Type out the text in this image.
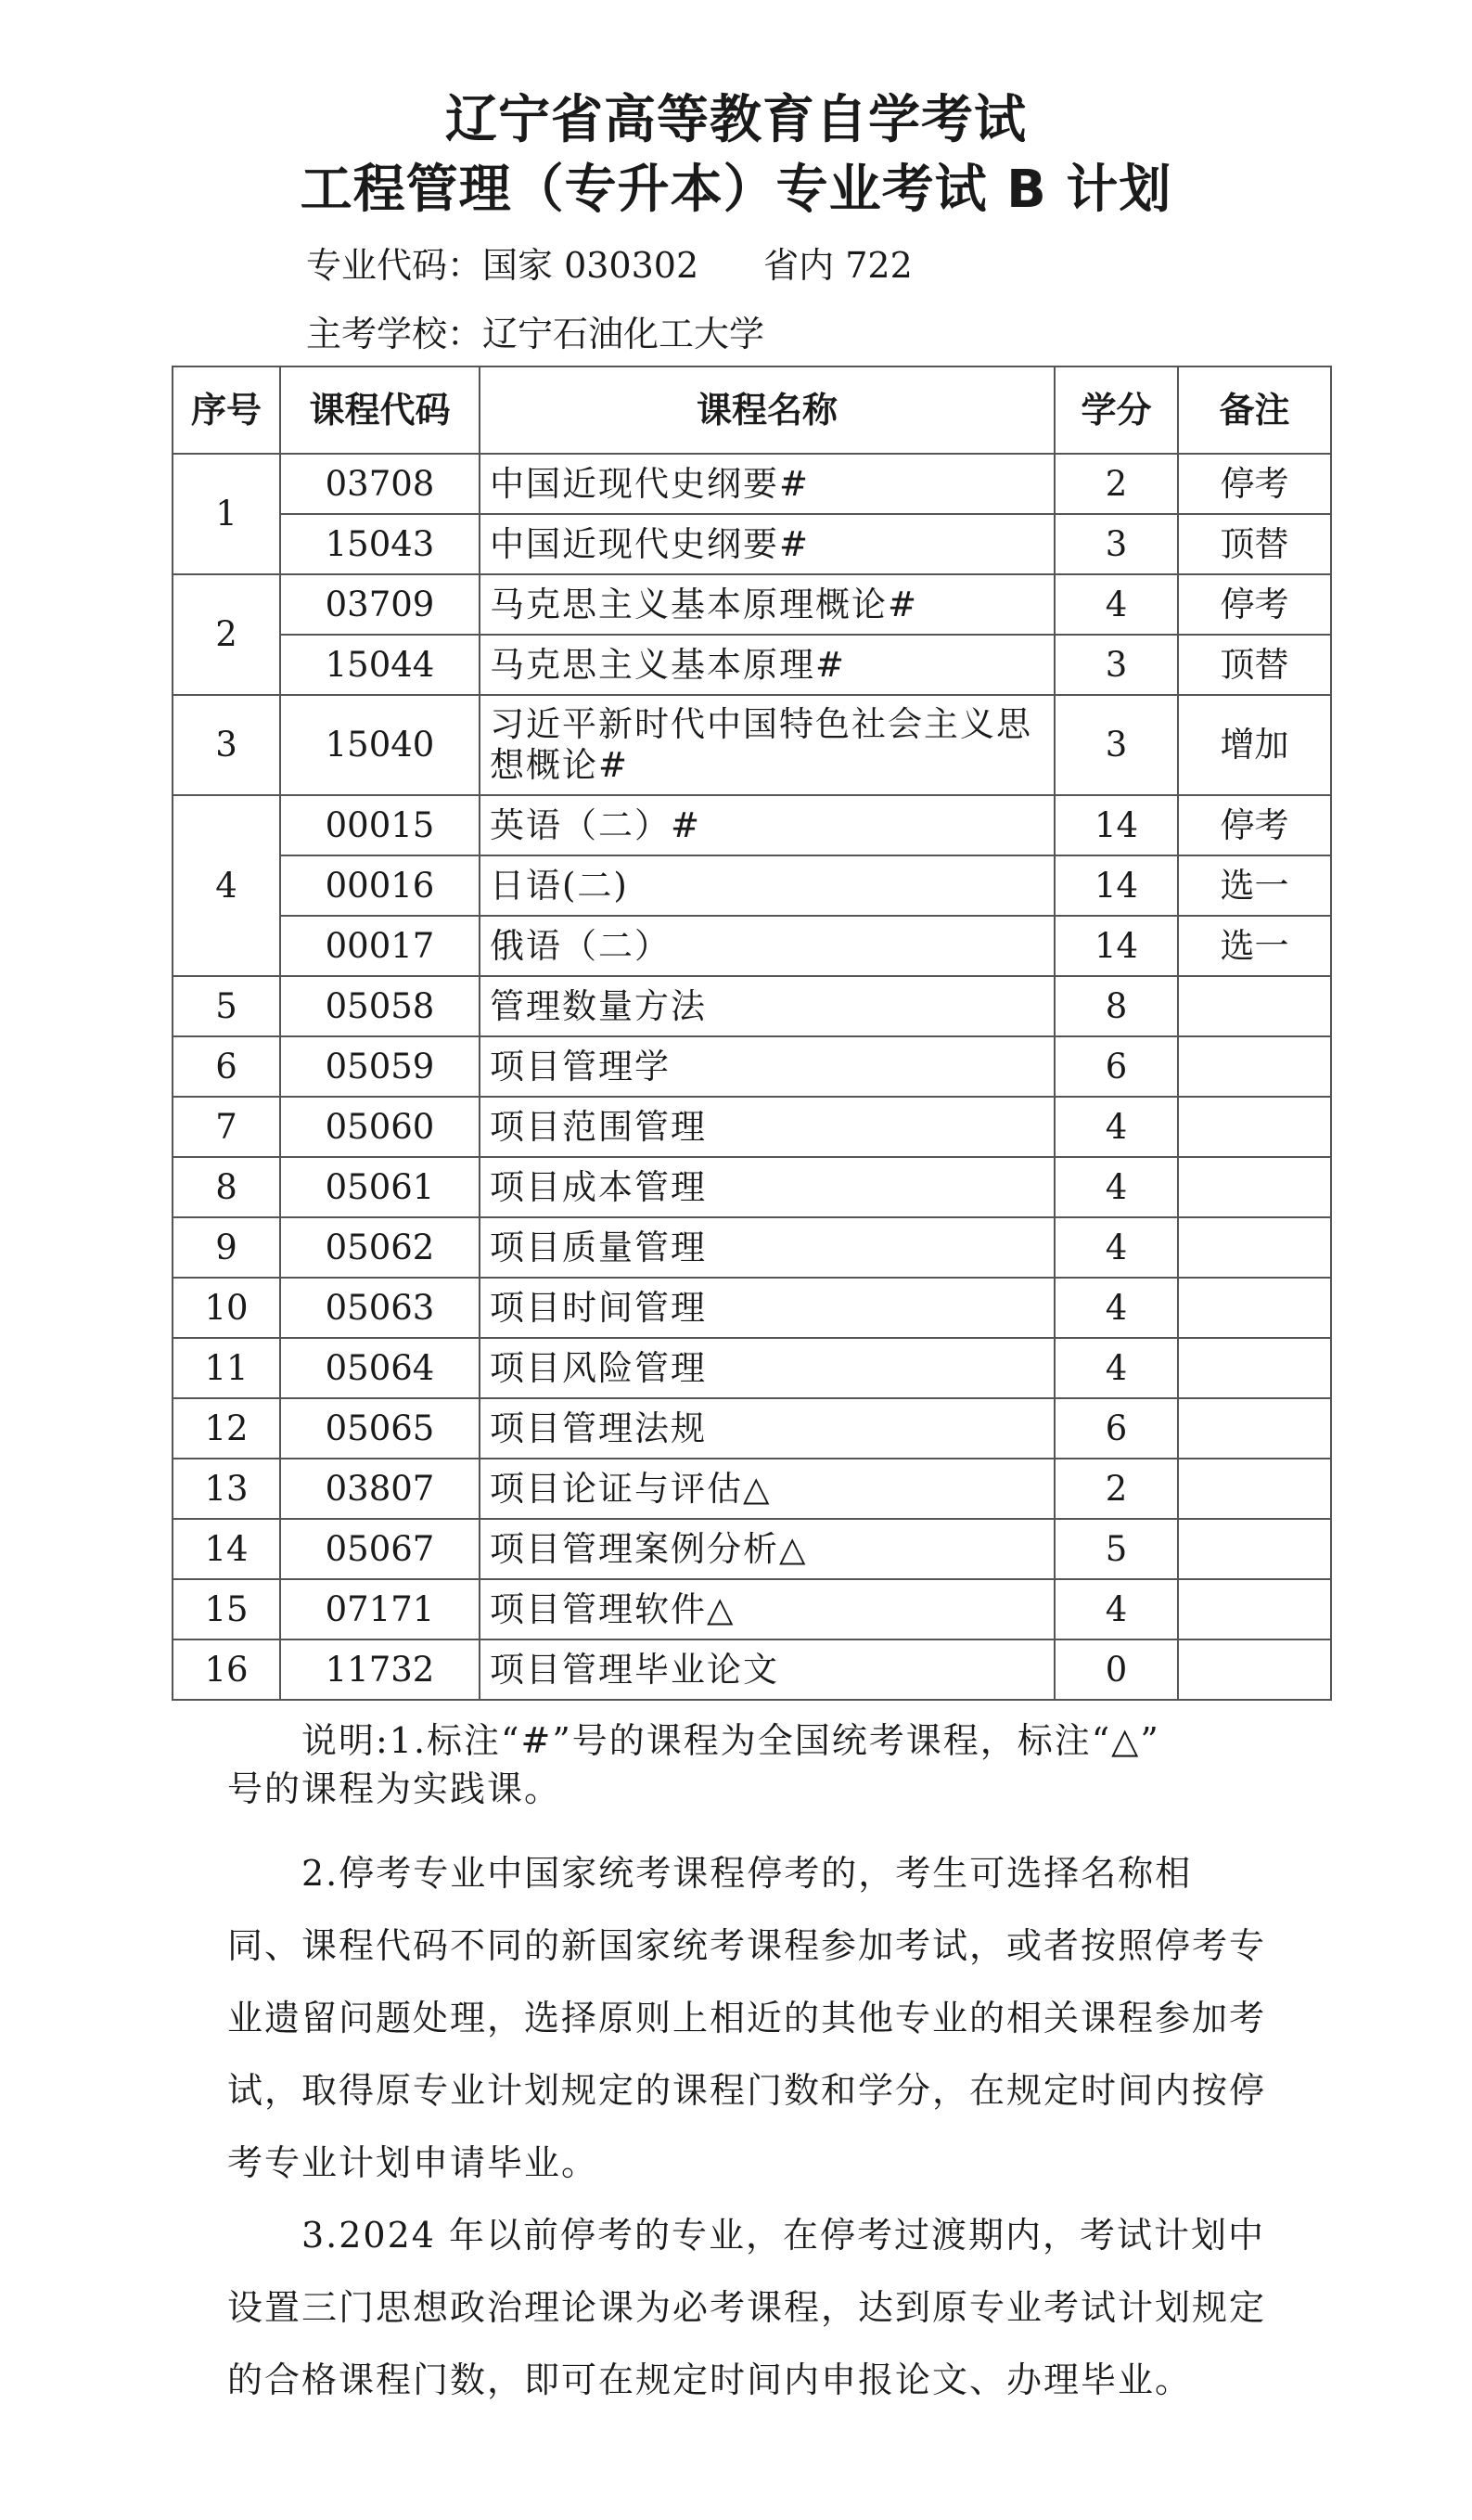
辽宁省高等教育自学考试
工程管理（专升本）专业考试 B 计划
专业代码：国家 030302 省内 722
主考学校：辽宁石油化工大学
序号	课程代码	课程名称	学分	备注
1	03708	中国近现代史纲要#	2	停考
	15043	中国近现代史纲要#	3	顶替
2	03709	马克思主义基本原理概论#	4	停考
	15044	马克思主义基本原理#	3	顶替
3	15040	习近平新时代中国特色社会主义思想概论#	3	增加
4	00015	英语（二）#	14	停考
	00016	日语(二)	14	选一
	00017	俄语（二）	14	选一
5	05058	管理数量方法	8	
6	05059	项目管理学	6	
7	05060	项目范围管理	4	
8	05061	项目成本管理	4	
9	05062	项目质量管理	4	
10	05063	项目时间管理	4	
11	05064	项目风险管理	4	
12	05065	项目管理法规	6	
13	03807	项目论证与评估△	2	
14	05067	项目管理案例分析△	5	
15	07171	项目管理软件△	4	
16	11732	项目管理毕业论文	0	
说明:1.标注“#”号的课程为全国统考课程，标注“△”
号的课程为实践课。

2.停考专业中国家统考课程停考的，考生可选择名称相同、课程代码不同的新国家统考课程参加考试，或者按照停考专业遗留问题处理，选择原则上相近的其他专业的相关课程参加考试，取得原专业计划规定的课程门数和学分，在规定时间内按停考专业计划申请毕业。

3.2024 年以前停考的专业，在停考过渡期内，考试计划中设置三门思想政治理论课为必考课程，达到原专业考试计划规定的合格课程门数，即可在规定时间内申报论文、办理毕业。
